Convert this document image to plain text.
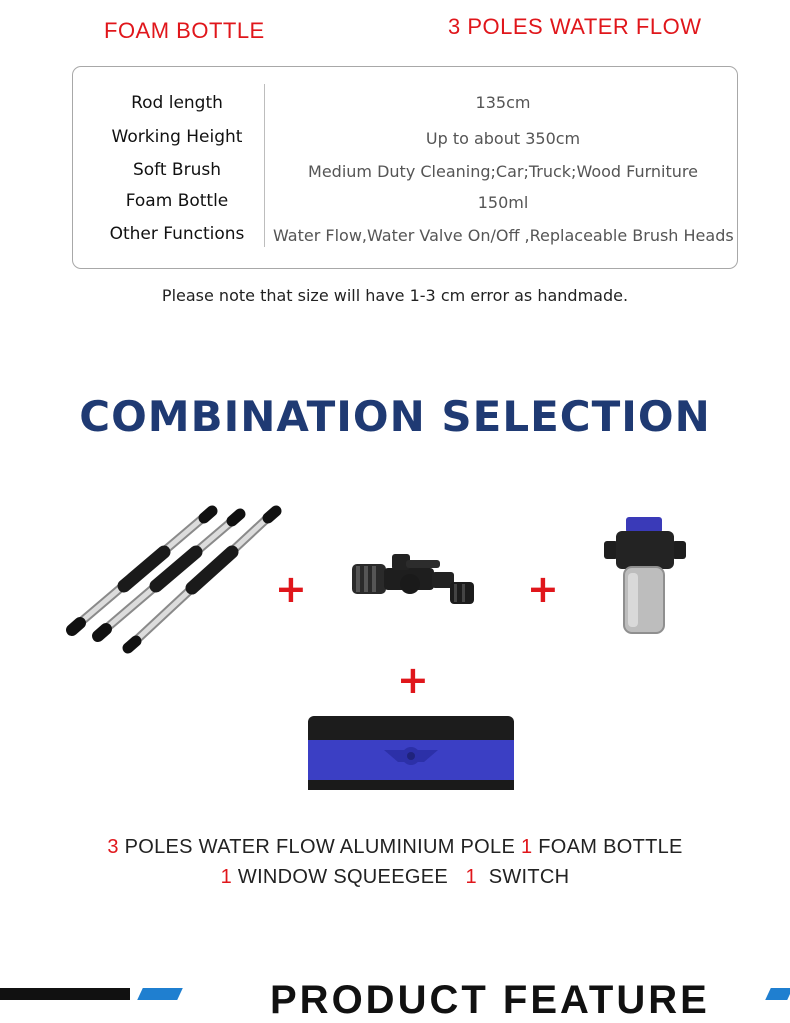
FOAM BOTTLE	3 POLES WATER FLOW
Rod length	135cm
Working Height	Up to about 350cm
Soft Brush	Medium Duty Cleaning;Car;Truck;Wood Furniture
Foam Bottle	150ml
Other Functions	Water Flow,Water Valve On/Off ,Replaceable Brush Heads
Please note that size will have 1-3 cm error as handmade.
COMBINATION SELECTION
+	+
+
3 POLES WATER FLOW ALUMINIUM POLE 1 FOAM BOTTLE
1 WINDOW SQUEEGEE   1  SWITCH
PRODUCT FEATURE
